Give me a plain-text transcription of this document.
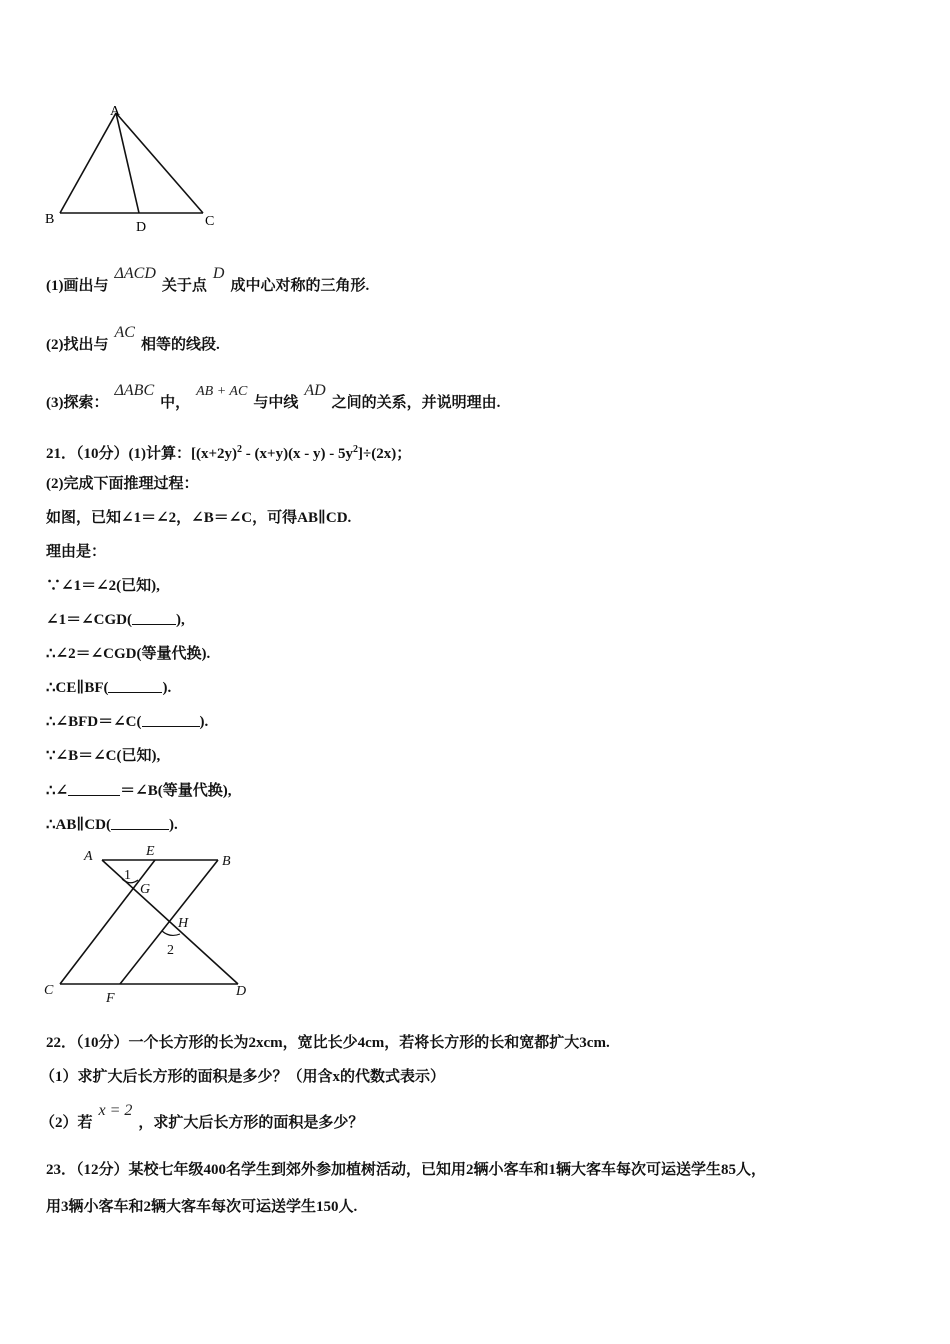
A
B
D	C
(1)画出与ΔACD关于点D成中心对称的三角形.
(2)找出与AC相等的线段.
(3)探索：ΔABC中，AB + AC与中线AD之间的关系，并说明理由.
21．（10分）(1)计算：$[(x+2y)^2 - (x+y)(x - y) - 5y^2]\div(2x)$；
(2)完成下面推理过程：
如图，已知∠1＝∠2，∠B＝∠C，可得AB∥CD.
理由是：
∵∠1＝∠2(已知),
∠1＝∠CGD(	),
∴∠2＝∠CGD(等量代换).
∴CE∥BF(	).
∴∠BFD＝∠C(	).
∵∠B＝∠C(已知),
∴∠	＝∠B(等量代换),
∴AB∥CD(	).
A	E
B
G
H
C
F	D
1
2
22．（10分）一个长方形的长为2xcm，宽比长少4cm，若将长方形的长和宽都扩大3cm.
（1）求扩大后长方形的面积是多少？（用含x的代数式表示）
（2）若x = 2，求扩大后长方形的面积是多少？
23．（12分）某校七年级400名学生到郊外参加植树活动，已知用2辆小客车和1辆大客车每次可运送学生85人，
用3辆小客车和2辆大客车每次可运送学生150人.
